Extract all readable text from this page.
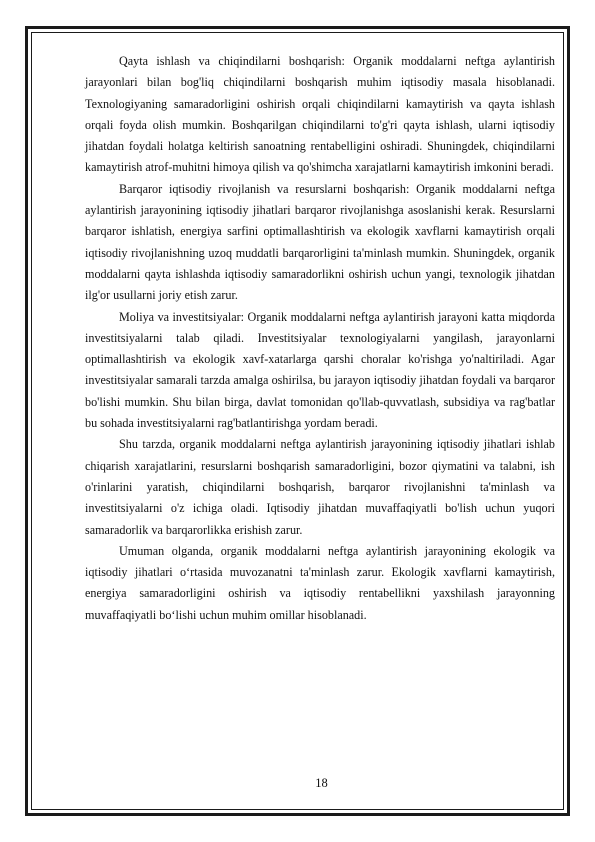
Qayta ishlash va chiqindilarni boshqarish: Organik moddalarni neftga aylantirish jarayonlari bilan bog'liq chiqindilarni boshqarish muhim iqtisodiy masala hisoblanadi. Texnologiyaning samaradorligini oshirish orqali chiqindilarni kamaytirish va qayta ishlash orqali foyda olish mumkin. Boshqarilgan chiqindilarni to'g'ri qayta ishlash, ularni iqtisodiy jihatdan foydali holatga keltirish sanoatning rentabelligini oshiradi. Shuningdek, chiqindilarni kamaytirish atrof-muhitni himoya qilish va qo'shimcha xarajatlarni kamaytirish imkonini beradi.

Barqaror iqtisodiy rivojlanish va resurslarni boshqarish: Organik moddalarni neftga aylantirish jarayonining iqtisodiy jihatlari barqaror rivojlanishga asoslanishi kerak. Resurslarni barqaror ishlatish, energiya sarfini optimallashtirish va ekologik xavflarni kamaytirish orqali iqtisodiy rivojlanishning uzoq muddatli barqarorligini ta'minlash mumkin. Shuningdek, organik moddalarni qayta ishlashda iqtisodiy samaradorlikni oshirish uchun yangi, texnologik jihatdan ilg'or usullarni joriy etish zarur.

Moliya va investitsiyalar: Organik moddalarni neftga aylantirish jarayoni katta miqdorda investitsiyalarni talab qiladi. Investitsiyalar texnologiyalarni yangilash, jarayonlarni optimallashtirish va ekologik xavf-xatarlarga qarshi choralar ko'rishga yo'naltiriladi. Agar investitsiyalar samarali tarzda amalga oshirilsa, bu jarayon iqtisodiy jihatdan foydali va barqaror bo'lishi mumkin. Shu bilan birga, davlat tomonidan qo'llab-quvvatlash, subsidiya va rag'batlar bu sohada investitsiyalarni rag'batlantirishga yordam beradi.

Shu tarzda, organik moddalarni neftga aylantirish jarayonining iqtisodiy jihatlari ishlab chiqarish xarajatlarini, resurslarni boshqarish samaradorligini, bozor qiymatini va talabni, ish o'rinlarini yaratish, chiqindilarni boshqarish, barqaror rivojlanishni ta'minlash va investitsiyalarni o'z ichiga oladi. Iqtisodiy jihatdan muvaffaqiyatli bo'lish uchun yuqori samaradorlik va barqarorlikka erishish zarur.

Umuman olganda, organik moddalarni neftga aylantirish jarayonining ekologik va iqtisodiy jihatlari o‘rtasida muvozanatni ta'minlash zarur. Ekologik xavflarni kamaytirish, energiya samaradorligini oshirish va iqtisodiy rentabellikni yaxshilash jarayonning muvaffaqiyatli bo‘lishi uchun muhim omillar hisoblanadi.

18
